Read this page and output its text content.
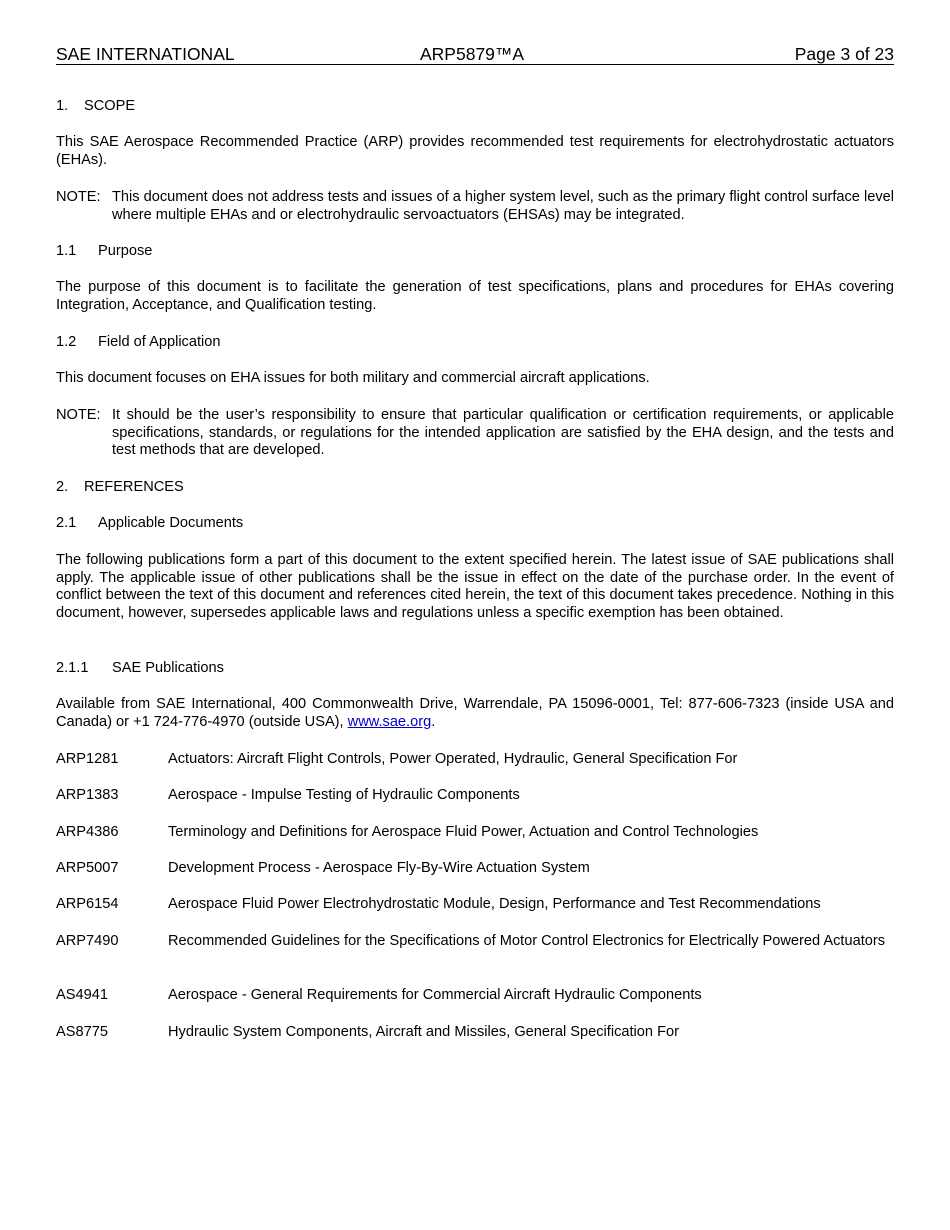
SAE INTERNATIONAL	ARP5879™A	Page 3 of 23
1. SCOPE
This SAE Aerospace Recommended Practice (ARP) provides recommended test requirements for electrohydrostatic actuators (EHAs).
NOTE: This document does not address tests and issues of a higher system level, such as the primary flight control surface level where multiple EHAs and or electrohydraulic servoactuators (EHSAs) may be integrated.
1.1 Purpose
The purpose of this document is to facilitate the generation of test specifications, plans and procedures for EHAs covering Integration, Acceptance, and Qualification testing.
1.2 Field of Application
This document focuses on EHA issues for both military and commercial aircraft applications.
NOTE: It should be the user’s responsibility to ensure that particular qualification or certification requirements, or applicable specifications, standards, or regulations for the intended application are satisfied by the EHA design, and the tests and test methods that are developed.
2. REFERENCES
2.1 Applicable Documents
The following publications form a part of this document to the extent specified herein. The latest issue of SAE publications shall apply. The applicable issue of other publications shall be the issue in effect on the date of the purchase order. In the event of conflict between the text of this document and references cited herein, the text of this document takes precedence. Nothing in this document, however, supersedes applicable laws and regulations unless a specific exemption has been obtained.
2.1.1 SAE Publications
Available from SAE International, 400 Commonwealth Drive, Warrendale, PA 15096-0001, Tel: 877-606-7323 (inside USA and Canada) or +1 724-776-4970 (outside USA), www.sae.org.
ARP1281	Actuators: Aircraft Flight Controls, Power Operated, Hydraulic, General Specification For
ARP1383	Aerospace - Impulse Testing of Hydraulic Components
ARP4386	Terminology and Definitions for Aerospace Fluid Power, Actuation and Control Technologies
ARP5007	Development Process - Aerospace Fly-By-Wire Actuation System
ARP6154	Aerospace Fluid Power Electrohydrostatic Module, Design, Performance and Test Recommendations
ARP7490	Recommended Guidelines for the Specifications of Motor Control Electronics for Electrically Powered Actuators
AS4941	Aerospace - General Requirements for Commercial Aircraft Hydraulic Components
AS8775	Hydraulic System Components, Aircraft and Missiles, General Specification For
